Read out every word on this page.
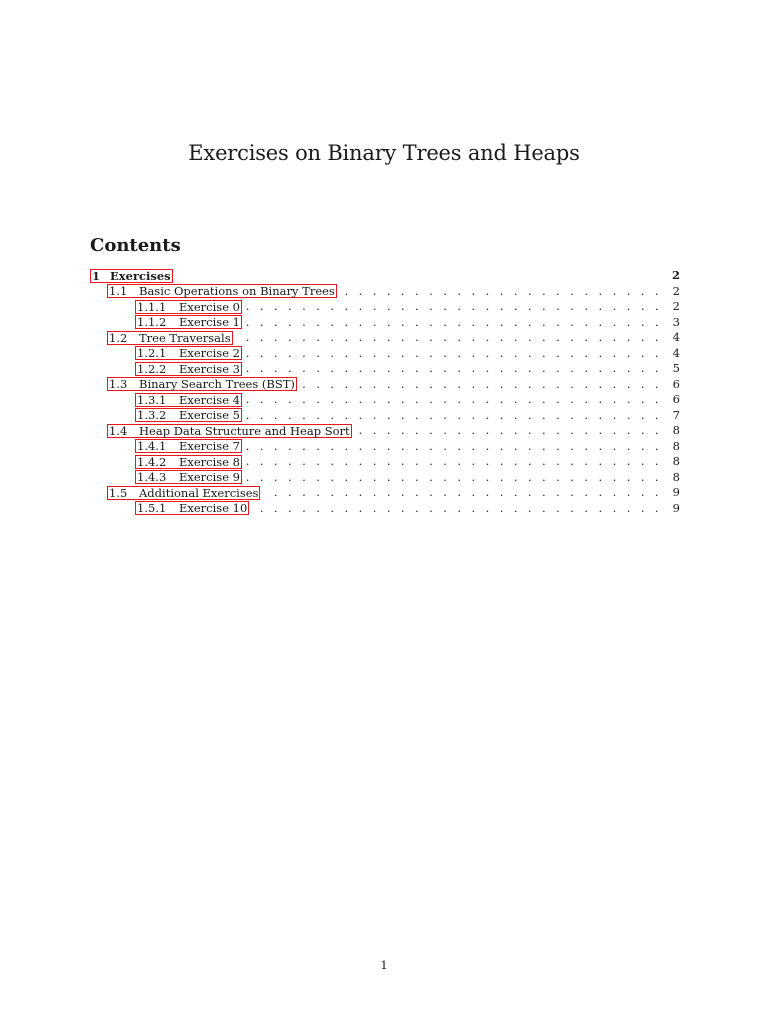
Exercises on Binary Trees and Heaps
Contents
1 Exercises	2
1.1	Basic Operations on Binary Trees . . .	2
1.1.1	Exercise 0 . . .	2
1.1.2	Exercise 1 . . .	3
1.2	Tree Traversals . . .	4
1.2.1	Exercise 2 . . .	4
1.2.2	Exercise 3 . . .	5
1.3	Binary Search Trees (BST) . . .	6
1.3.1	Exercise 4 . . .	6
1.3.2	Exercise 5 . . .	7
1.4	Heap Data Structure and Heap Sort . . .	8
1.4.1	Exercise 7 . . .	8
1.4.2	Exercise 8 . . .	8
1.4.3	Exercise 9 . . .	8
1.5	Additional Exercises . . .	9
1.5.1	Exercise 10 . . .	9
1
